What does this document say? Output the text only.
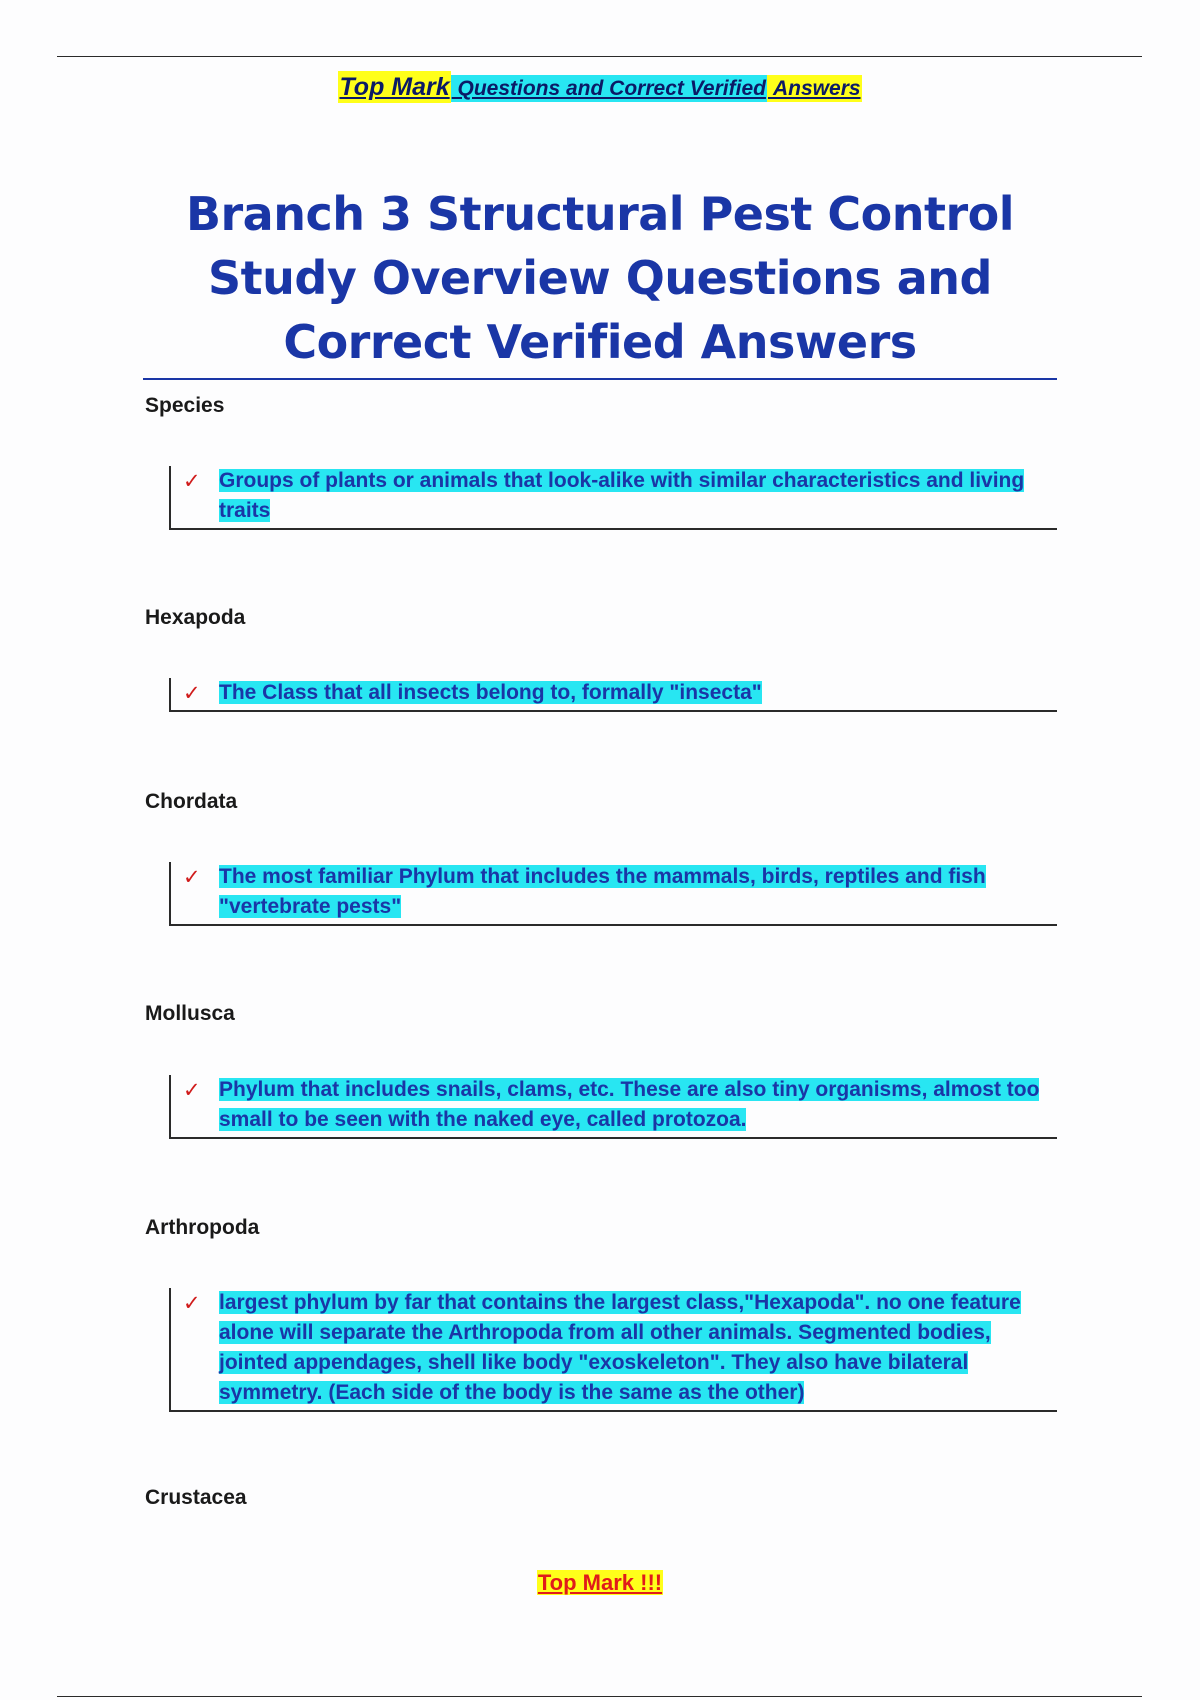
Top Mark Questions and Correct Verified Answers
Branch 3 Structural Pest Control Study Overview Questions and Correct Verified Answers
Species
✓ Groups of plants or animals that look-alike with similar characteristics and living traits
Hexapoda
✓ The Class that all insects belong to, formally "insecta"
Chordata
✓ The most familiar Phylum that includes the mammals, birds, reptiles and fish "vertebrate pests"
Mollusca
✓ Phylum that includes snails, clams, etc. These are also tiny organisms, almost too small to be seen with the naked eye, called protozoa.
Arthropoda
✓ largest phylum by far that contains the largest class,"Hexapoda". no one feature alone will separate the Arthropoda from all other animals. Segmented bodies, jointed appendages, shell like body "exoskeleton". They also have bilateral symmetry. (Each side of the body is the same as the other)
Crustacea
Top Mark !!!
